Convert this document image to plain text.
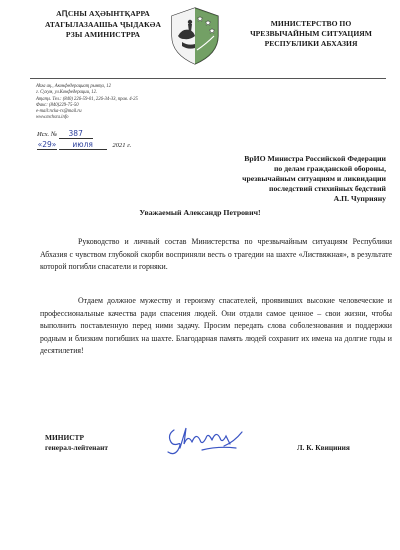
АԤСНЫ АҲӘЫНТҚАРРА
АТАГЫЛАЗААШЬА ҶЫДАҞӘА
РЗЫ АМИНИСТРРА
МИНИСТЕРСТВО ПО
ЧРЕЗВЫЧАЙНЫМ СИТУАЦИЯМ
РЕСПУБЛИКИ АБХАЗИЯ
Аҟəа ақ., Аконфедерациаҭ рынҭа, 12
г. Сухум, ул.Конфедерации, 12.
Аҭаҭл. Тел.: (840) 226-59-01, 226-34-33, прав. 4-25
Факс: (840)229-75-50
e-mail:ncka-rs@mail.ru
www.mchsra.info
Исх. № 387
«29» июля	2021 г.
ВрИО Министра Российской Федерации
по делам гражданской обороны,
чрезвычайным ситуациям и ликвидации
последствий стихийных бедствий
А.П. Чуприяну
Уважаемый Александр Петрович!
Руководство и личный состав Министерства по чрезвычайным ситуациям Республики Абхазия с чувством глубокой скорби восприняли весть о трагедии на шахте «Листвяжная», в результате которой погибли спасатели и горняки.
Отдаем должное мужеству и героизму спасателей, проявивших высокие человеческие и профессиональные качества ради спасения людей. Они отдали самое ценное – свои жизни, чтобы выполнить поставленную перед ними задачу. Просим передать слова соболезнования и поддержки родным и близким погибших на шахте. Благодарная память людей сохранит их имена на долгие годы и десятилетия!
МИНИСТР
генерал-лейтенант	Л. К. Квициния
